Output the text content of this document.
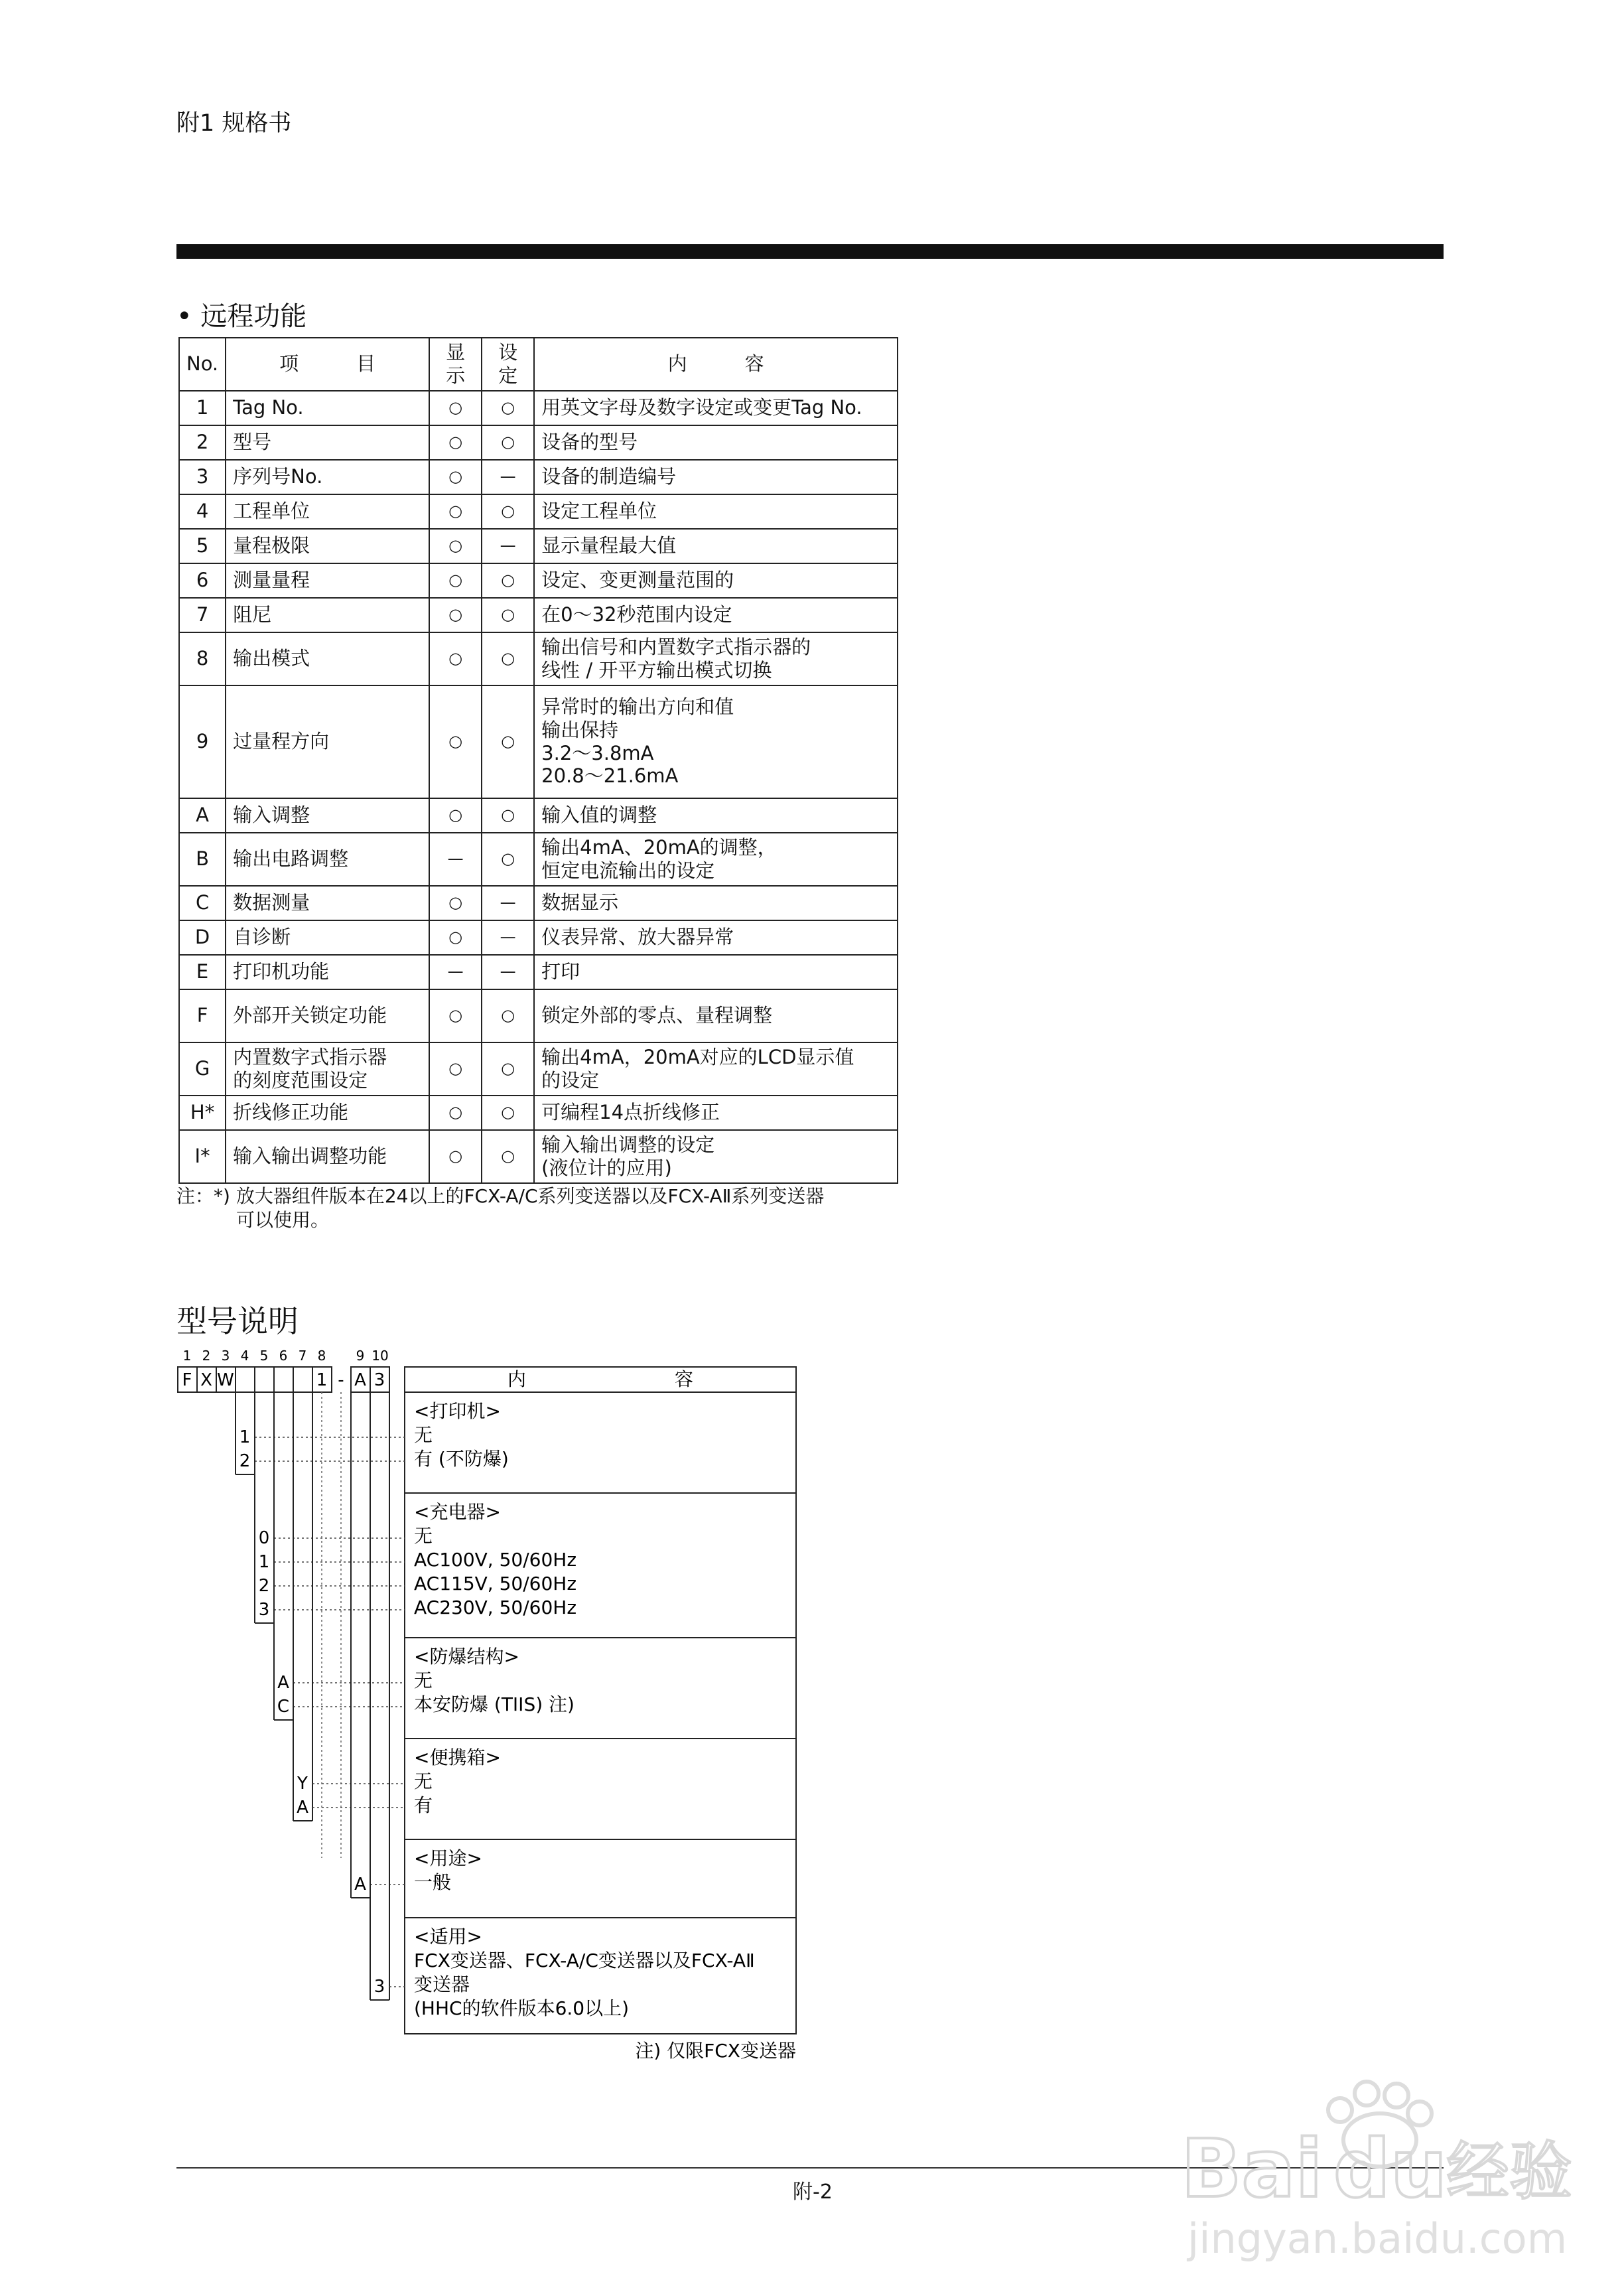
附1 规格书
• 远程功能
No.	项　　　目	显示	设定	内　　　容
1	Tag No.	○	○	用英文字母及数字设定或变更Tag No.
2	型号	○	○	设备的型号
3	序列号No.	○	—	设备的制造编号
4	工程单位	○	○	设定工程单位
5	量程极限	○	—	显示量程最大值
6	测量量程	○	○	设定、变更测量范围的
7	阻尼	○	○	在0～32秒范围内设定
8	输出模式	○	○	输出信号和内置数字式指示器的
线性 / 开平方输出模式切换
9	过量程方向	○	○	异常时的输出方向和值
输出保持
3.2～3.8mA
20.8～21.6mA
A	输入调整	○	○	输入值的调整
B	输出电路调整	—	○	输出4mA、20mA的调整，
恒定电流输出的设定
C	数据测量	○	—	数据显示
D	自诊断	○	—	仪表异常、放大器异常
E	打印机功能	—	—	打印
F	外部开关锁定功能	○	○	锁定外部的零点、量程调整
G	内置数字式指示器
的刻度范围设定	○	○	输出4mA，20mA对应的LCD显示值
的设定
H*	折线修正功能	○	○	可编程14点折线修正
I*	输入输出调整功能	○	○	输入输出调整的设定
(液位计的应用)
注：*) 放大器组件版本在24以上的FCX-A/C系列变送器以及FCX-AⅡ系列变送器
可以使用。
型号说明
1 2 3 4 5 6 7 8 9 10
F X W	1 - A 3	内　　　　　　　　容
<打印机>
无
有 (不防爆)
1
2
<充电器>
无
AC100V, 50/60Hz
AC115V, 50/60Hz
AC230V, 50/60Hz
0
1
2
3
<防爆结构>
无
本安防爆 (TIIS) 注)
A
C
<便携箱>
无
有
Y
A
<用途>
一般
A
<适用>
FCX变送器、FCX-A/C变送器以及FCX-AⅡ
变送器
(HHC的软件版本6.0以上)
3
注) 仅限FCX变送器
附-2	Bai du
经验
jingyan.baidu.com
